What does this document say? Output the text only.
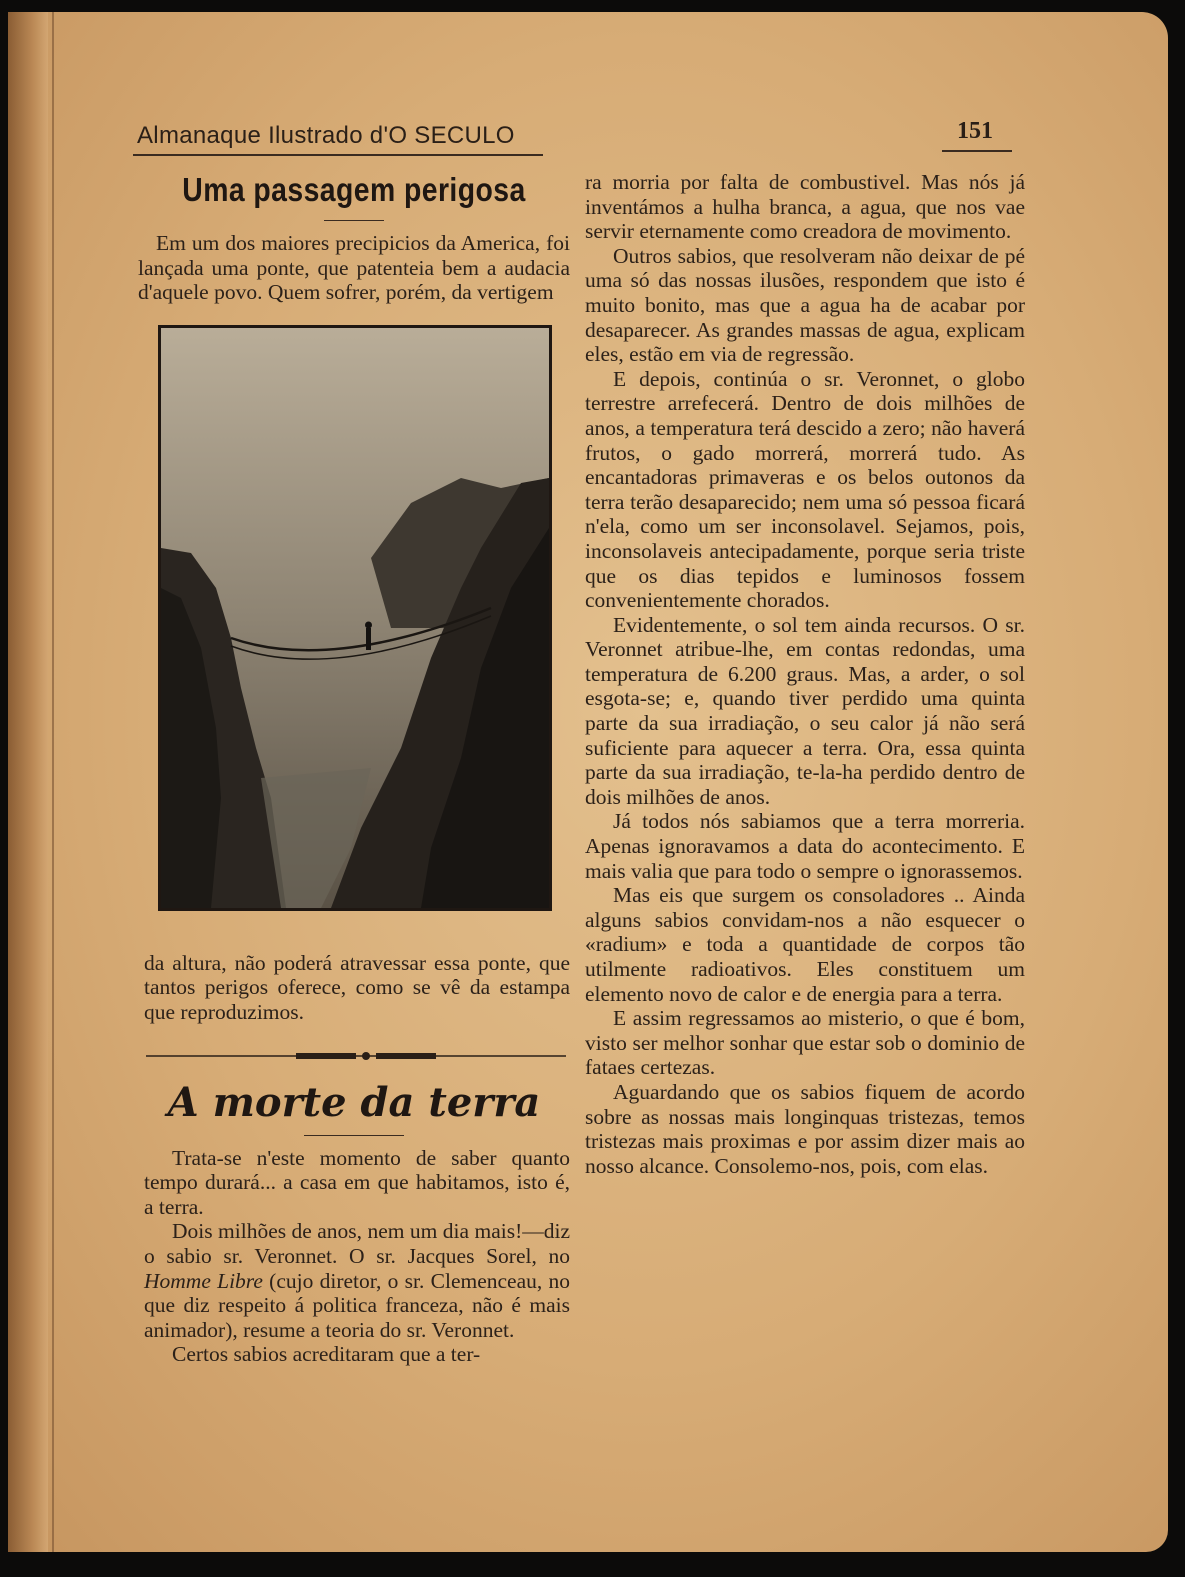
Almanaque Ilustrado d'O SECULO	151
Uma passagem perigosa

Em um dos maiores precipicios da America, foi lançada uma ponte, que patenteia bem a audacia d'aquele povo. Quem sofrer, porém, da vertigem

da altura, não poderá atravessar essa ponte, que tantos perigos oferece, como se vê da estampa que reproduzimos.

A morte da terra

Trata-se n'este momento de saber quanto tempo durará... a casa em que habitamos, isto é, a terra.

Dois milhões de anos, nem um dia mais!—diz o sabio sr. Veronnet. O sr. Jacques Sorel, no Homme Libre (cujo diretor, o sr. Clemenceau, no que diz respeito á politica franceza, não é mais animador), resume a teoria do sr. Veronnet.

Certos sabios acreditaram que a ter-

ra morria por falta de combustivel. Mas nós já inventámos a hulha branca, a agua, que nos vae servir eternamente como creadora de movimento.

Outros sabios, que resolveram não deixar de pé uma só das nossas ilusões, respondem que isto é muito bonito, mas que a agua ha de acabar por desaparecer. As grandes massas de agua, explicam eles, estão em via de regressão.

E depois, continúa o sr. Veronnet, o globo terrestre arrefecerá. Dentro de dois milhões de anos, a temperatura terá descido a zero; não haverá frutos, o gado morrerá, morrerá tudo. As encantadoras primaveras e os belos outonos da terra terão desaparecido; nem uma só pessoa ficará n'ela, como um ser inconsolavel. Sejamos, pois, inconsolaveis antecipadamente, porque seria triste que os dias tepidos e luminosos fossem convenientemente chorados.

Evidentemente, o sol tem ainda recursos. O sr. Veronnet atribue-lhe, em contas redondas, uma temperatura de 6.200 graus. Mas, a arder, o sol esgota-se; e, quando tiver perdido uma quinta parte da sua irradiação, o seu calor já não será suficiente para aquecer a terra. Ora, essa quinta parte da sua irradiação, te-la-ha perdido dentro de dois milhões de anos.

Já todos nós sabiamos que a terra morreria. Apenas ignoravamos a data do acontecimento. E mais valia que para todo o sempre o ignorassemos.

Mas eis que surgem os consoladores .. Ainda alguns sabios convidam-nos a não esquecer o «radium» e toda a quantidade de corpos tão utilmente radioativos. Eles constituem um elemento novo de calor e de energia para a terra.

E assim regressamos ao misterio, o que é bom, visto ser melhor sonhar que estar sob o dominio de fataes certezas.

Aguardando que os sabios fiquem de acordo sobre as nossas mais longinquas tristezas, temos tristezas mais proximas e por assim dizer mais ao nosso alcance. Consolemo-nos, pois, com elas.
